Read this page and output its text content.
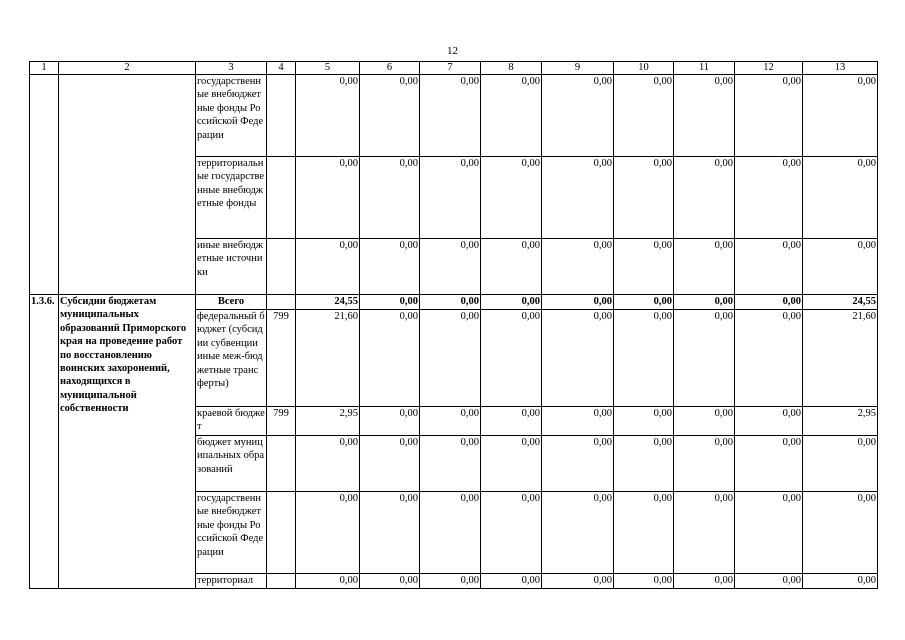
12
1	2	3	4	5	6	7	8	9	10	11	12	13
		государственные внебюджетные фонды Российской Федерации		0,00	0,00	0,00	0,00	0,00	0,00	0,00	0,00	0,00
		территориальные государственные внебюджетные фонды		0,00	0,00	0,00	0,00	0,00	0,00	0,00	0,00	0,00
		иные внебюджетные источники		0,00	0,00	0,00	0,00	0,00	0,00	0,00	0,00	0,00
1.3.6.	Субсидии бюджетам муниципальных образований Приморского края на проведение работ по восстановлению воинских захоронений, находящихся в муниципальной собственности	Всего		24,55	0,00	0,00	0,00	0,00	0,00	0,00	0,00	24,55
		федеральный бюджет (субсидии субвенции иные меж-бюджетные трансферты)	799	21,60	0,00	0,00	0,00	0,00	0,00	0,00	0,00	21,60
		краевой бюджет	799	2,95	0,00	0,00	0,00	0,00	0,00	0,00	0,00	2,95
		бюджет муниципальных образований		0,00	0,00	0,00	0,00	0,00	0,00	0,00	0,00	0,00
		государственные внебюджетные фонды Российской Федерации		0,00	0,00	0,00	0,00	0,00	0,00	0,00	0,00	0,00
		территориал		0,00	0,00	0,00	0,00	0,00	0,00	0,00	0,00	0,00
